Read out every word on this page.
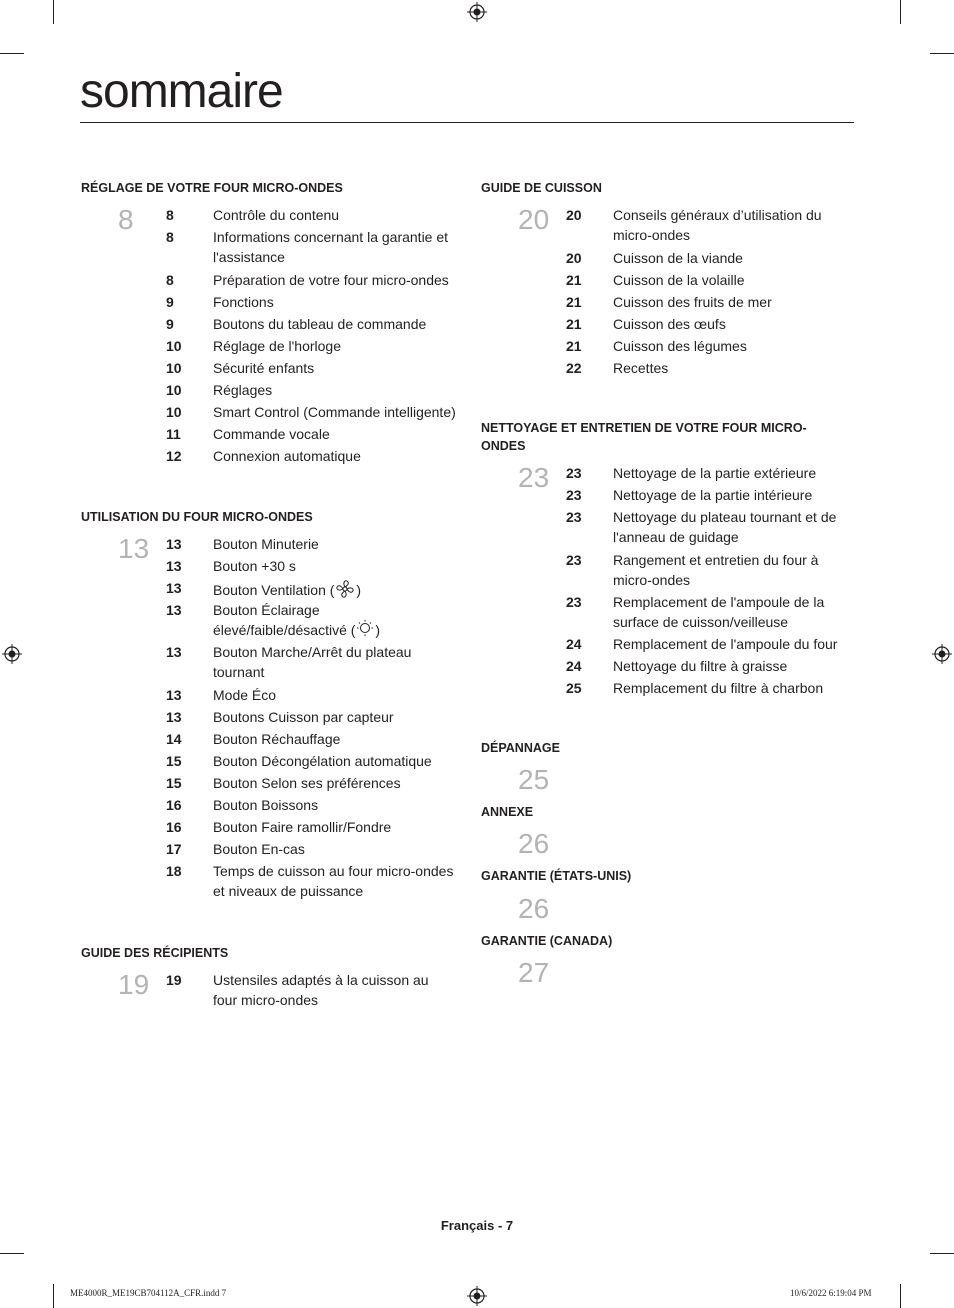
sommaire
RÉGLAGE DE VOTRE FOUR MICRO-ONDES
8 8	Contrôle du contenu
8	Informations concernant la garantie et l'assistance
8	Préparation de votre four micro-ondes
9	Fonctions
9	Boutons du tableau de commande
10 Réglage de l'horloge
10 Sécurité enfants
10 Réglages
10 Smart Control (Commande intelligente)
11 Commande vocale
12 Connexion automatique
UTILISATION DU FOUR MICRO-ONDES
13 13 Bouton Minuterie
13 Bouton +30 s
13 Bouton Ventilation ( )
13 Bouton Éclairage élevé/faible/désactivé ( )
13 Bouton Marche/Arrêt du plateau tournant
13 Mode Éco
13 Boutons Cuisson par capteur
14 Bouton Réchauffage
15 Bouton Décongélation automatique
15 Bouton Selon ses préférences
16 Bouton Boissons
16 Bouton Faire ramollir/Fondre
17 Bouton En-cas
18 Temps de cuisson au four micro-ondes et niveaux de puissance
GUIDE DES RÉCIPIENTS
19 19 Ustensiles adaptés à la cuisson au four micro-ondes
GUIDE DE CUISSON
20 20 Conseils généraux d’utilisation du micro-ondes
20 Cuisson de la viande
21 Cuisson de la volaille
21 Cuisson des fruits de mer
21 Cuisson des œufs
21 Cuisson des légumes
22 Recettes
NETTOYAGE ET ENTRETIEN DE VOTRE FOUR MICRO-ONDES
23 23 Nettoyage de la partie extérieure
23 Nettoyage de la partie intérieure
23 Nettoyage du plateau tournant et de l'anneau de guidage
23 Rangement et entretien du four à micro-ondes
23 Remplacement de l'ampoule de la surface de cuisson/veilleuse
24 Remplacement de l'ampoule du four
24 Nettoyage du filtre à graisse
25 Remplacement du filtre à charbon
DÉPANNAGE
25
ANNEXE
26
GARANTIE (ÉTATS-UNIS)
26
GARANTIE (CANADA)
27
Français - 7
ME4000R_ME19CB704112A_CFR.indd 7	10/6/2022 6:19:04 PM
